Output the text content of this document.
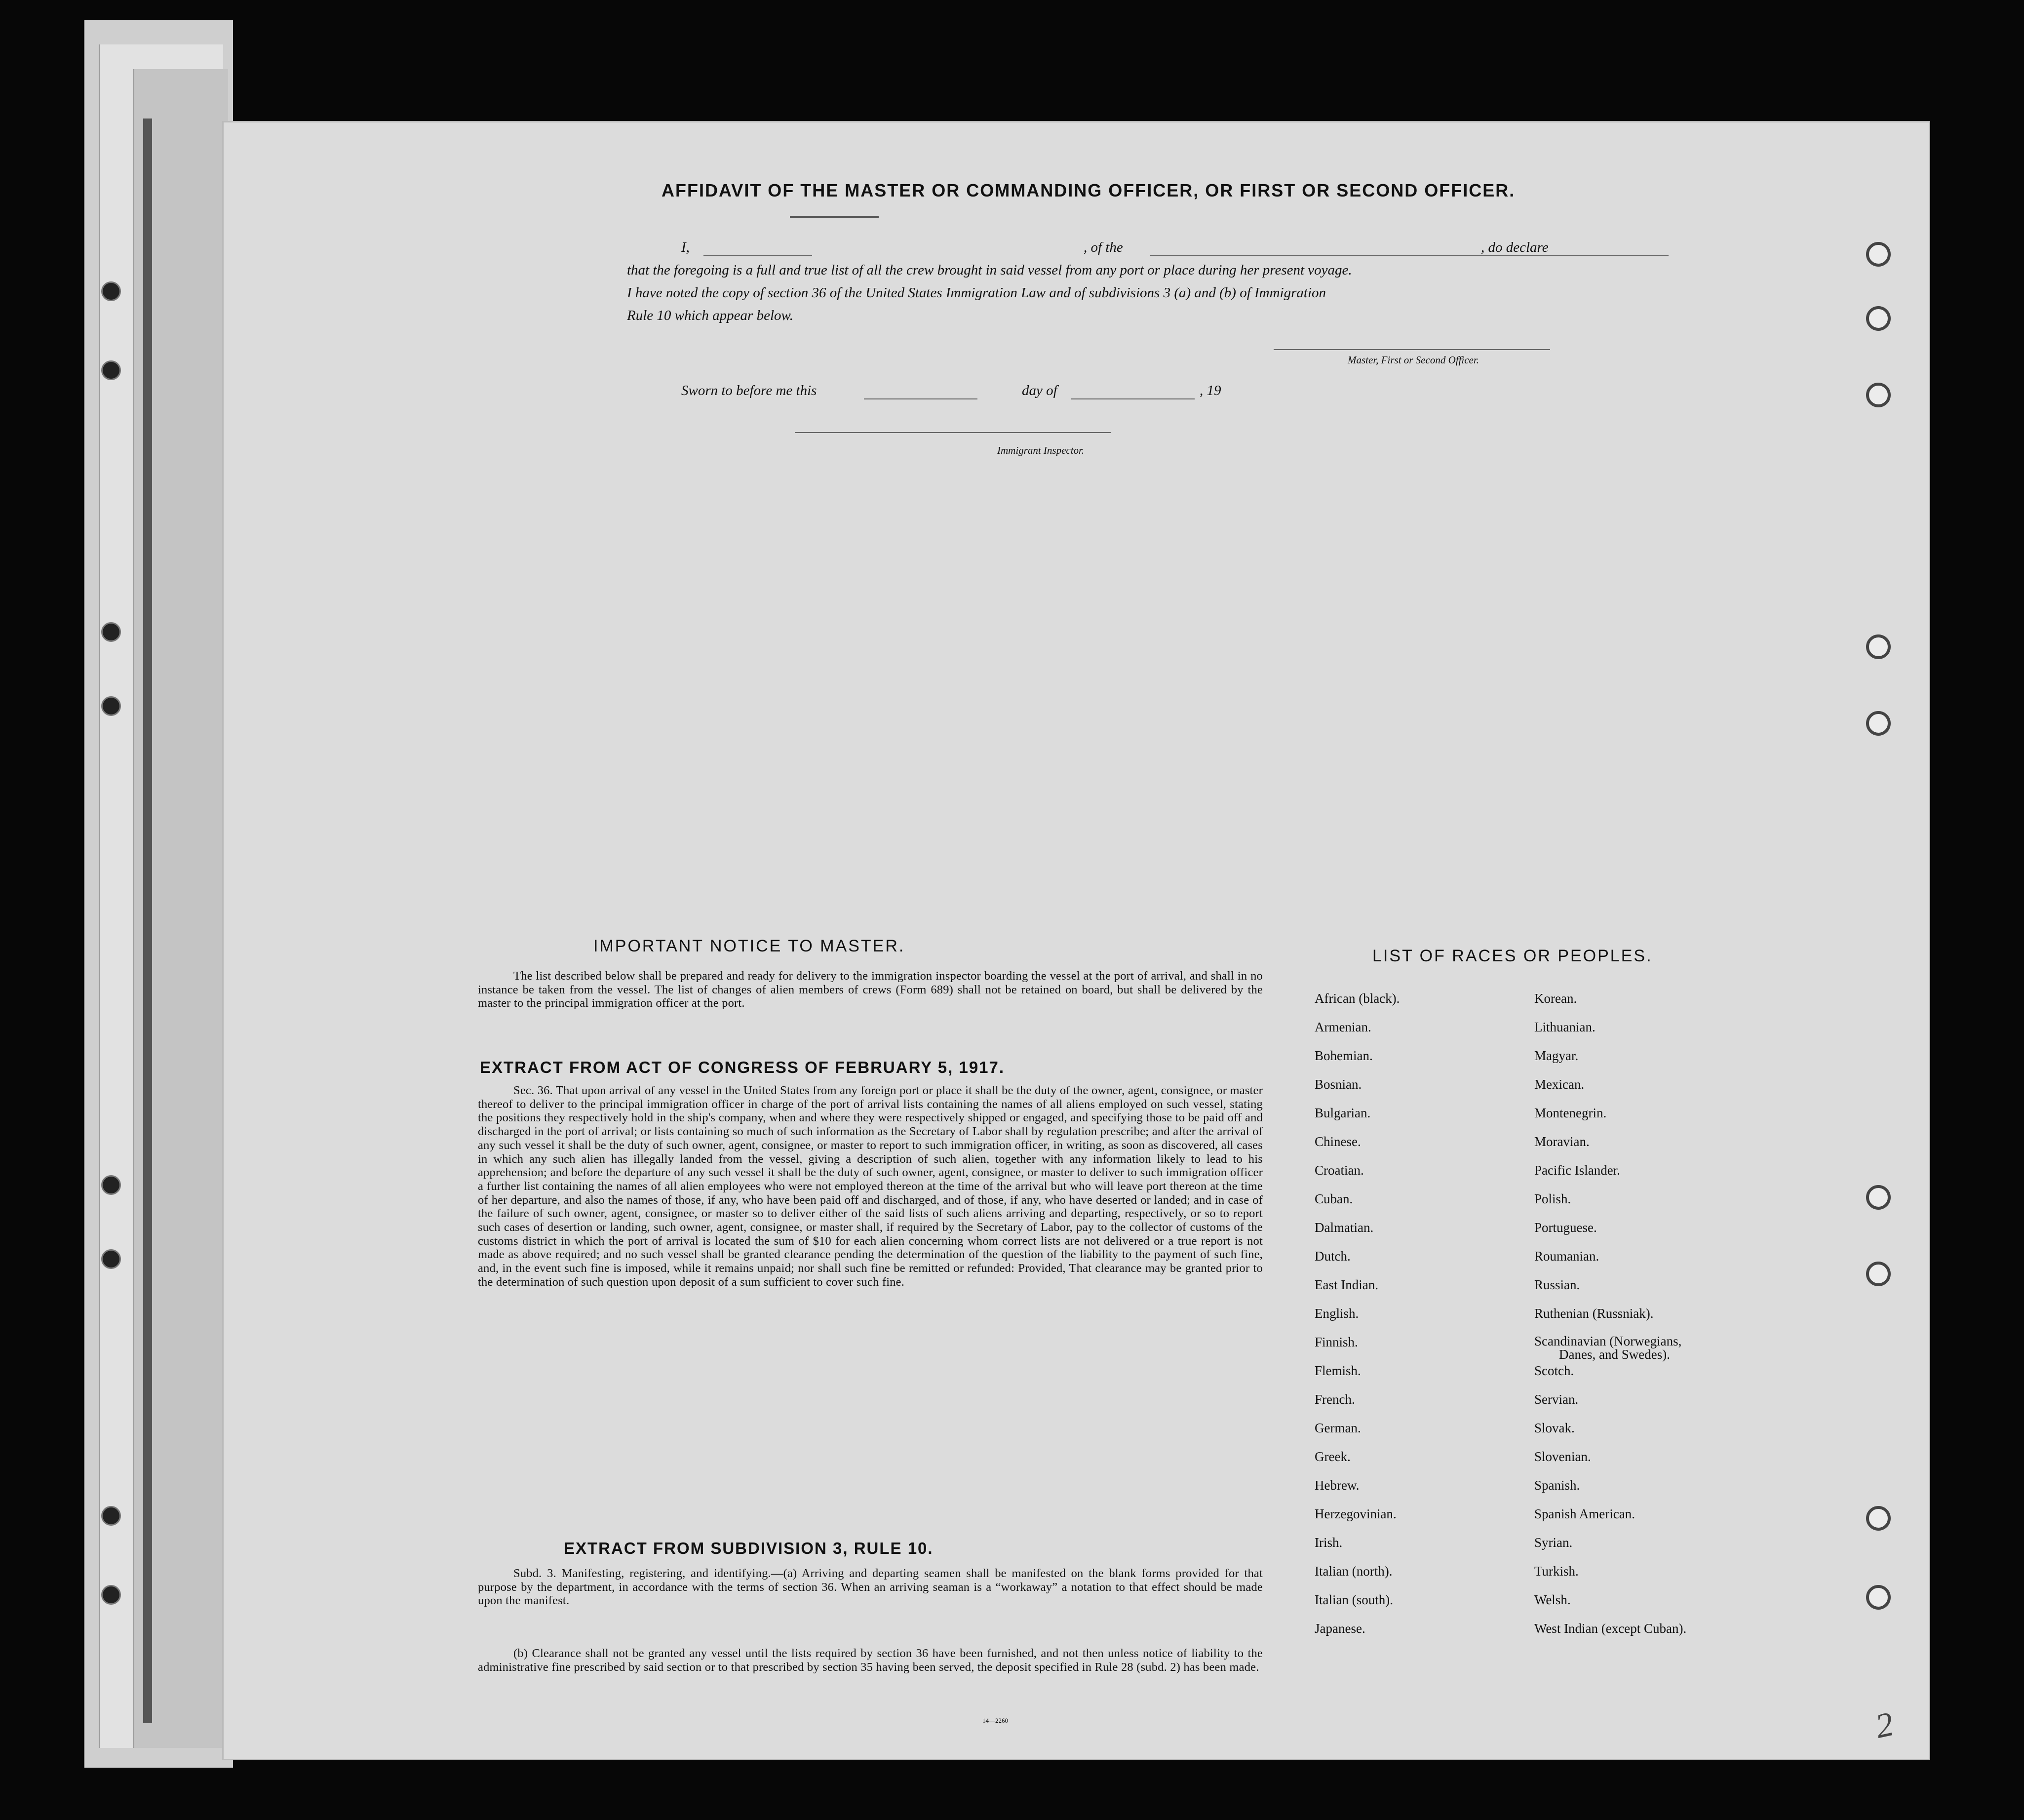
AFFIDAVIT OF THE MASTER OR COMMANDING OFFICER, OR FIRST OR SECOND OFFICER.
I,	, of the	, do declare
that the foregoing is a full and true list of all the crew brought in said vessel from any port or place during her present voyage.
I have noted the copy of section 36 of the United States Immigration Law and of subdivisions 3 (a) and (b) of Immigration
Rule 10 which appear below.
Master, First or Second Officer.
Sworn to before me this	day of	, 19
Immigrant Inspector.
IMPORTANT NOTICE TO MASTER.
The list described below shall be prepared and ready for delivery to the immigration inspector boarding the vessel at the port of arrival, and shall in no instance be taken from the vessel. The list of changes of alien members of crews (Form 689) shall not be retained on board, but shall be delivered by the master to the principal immigration officer at the port.
EXTRACT FROM ACT OF CONGRESS OF FEBRUARY 5, 1917.
Sec. 36. That upon arrival of any vessel in the United States from any foreign port or place it shall be the duty of the owner, agent, consignee, or master thereof to deliver to the principal immigration officer in charge of the port of arrival lists containing the names of all aliens employed on such vessel, stating the positions they respectively hold in the ship's company, when and where they were respectively shipped or engaged, and specifying those to be paid off and discharged in the port of arrival; or lists containing so much of such information as the Secretary of Labor shall by regulation prescribe; and after the arrival of any such vessel it shall be the duty of such owner, agent, consignee, or master to report to such immigration officer, in writing, as soon as discovered, all cases in which any such alien has illegally landed from the vessel, giving a description of such alien, together with any information likely to lead to his apprehension; and before the departure of any such vessel it shall be the duty of such owner, agent, consignee, or master to deliver to such immigration officer a further list containing the names of all alien employees who were not employed thereon at the time of the arrival but who will leave port thereon at the time of her departure, and also the names of those, if any, who have been paid off and discharged, and of those, if any, who have deserted or landed; and in case of the failure of such owner, agent, consignee, or master so to deliver either of the said lists of such aliens arriving and departing, respectively, or so to report such cases of desertion or landing, such owner, agent, consignee, or master shall, if required by the Secretary of Labor, pay to the collector of customs of the customs district in which the port of arrival is located the sum of $10 for each alien concerning whom correct lists are not delivered or a true report is not made as above required; and no such vessel shall be granted clearance pending the determination of the question of the liability to the payment of such fine, and, in the event such fine is imposed, while it remains unpaid; nor shall such fine be remitted or refunded: Provided, That clearance may be granted prior to the determination of such question upon deposit of a sum sufficient to cover such fine.
EXTRACT FROM SUBDIVISION 3, RULE 10.
Subd. 3. Manifesting, registering, and identifying.—(a) Arriving and departing seamen shall be manifested on the blank forms provided for that purpose by the department, in accordance with the terms of section 36. When an arriving seaman is a “workaway” a notation to that effect should be made upon the manifest.
(b) Clearance shall not be granted any vessel until the lists required by section 36 have been furnished, and not then unless notice of liability to the administrative fine prescribed by said section or to that prescribed by section 35 having been served, the deposit specified in Rule 28 (subd. 2) has been made.
14—2260
LIST OF RACES OR PEOPLES.
African (black).
Armenian.
Bohemian.
Bosnian.
Bulgarian.
Chinese.
Croatian.
Cuban.
Dalmatian.
Dutch.
East Indian.
English.
Finnish.
Flemish.
French.
German.
Greek.
Hebrew.
Herzegovinian.
Irish.
Italian (north).
Italian (south).
Japanese.
Korean.
Lithuanian.
Magyar.
Mexican.
Montenegrin.
Moravian.
Pacific Islander.
Polish.
Portuguese.
Roumanian.
Russian.
Ruthenian (Russniak).
Scandinavian (Norwegians,
Danes, and Swedes).
Scotch.
Servian.
Slovak.
Slovenian.
Spanish.
Spanish American.
Syrian.
Turkish.
Welsh.
West Indian (except Cuban).
2
